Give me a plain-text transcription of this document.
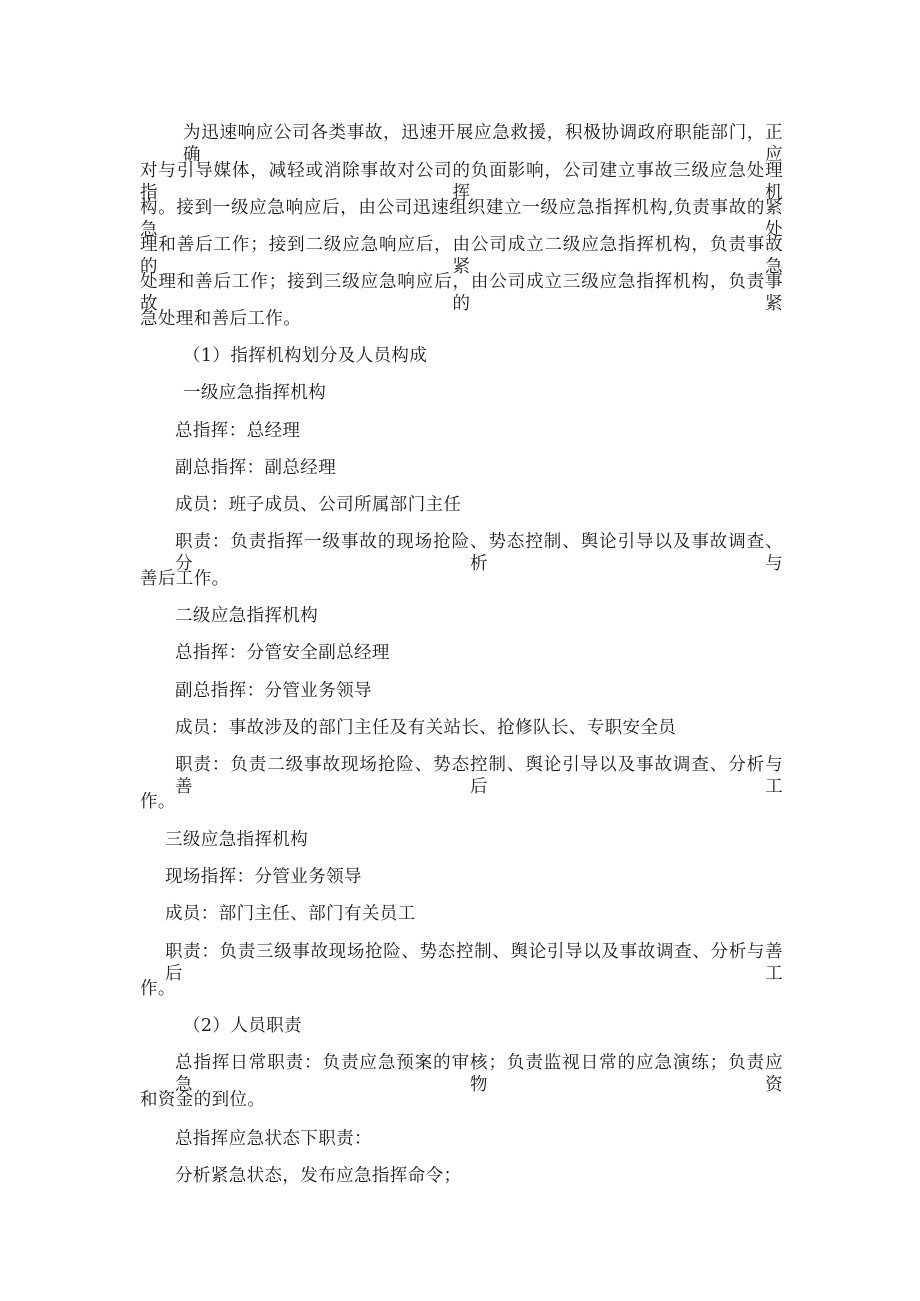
为迅速响应公司各类事故，迅速开展应急救援，积极协调政府职能部门，正确应
对与引导媒体，减轻或消除事故对公司的负面影响，公司建立事故三级应急处理指挥机
构。接到一级应急响应后，由公司迅速组织建立一级应急指挥机构,负责事故的紧急处
理和善后工作；接到二级应急响应后，由公司成立二级应急指挥机构，负责事故的紧急
处理和善后工作；接到三级应急响应后，由公司成立三级应急指挥机构，负责事故的紧
急处理和善后工作。
（1）指挥机构划分及人员构成
一级应急指挥机构
总指挥：总经理
副总指挥：副总经理
成员：班子成员、公司所属部门主任
职责：负责指挥一级事故的现场抢险、势态控制、舆论引导以及事故调查、分析与
善后工作。
二级应急指挥机构
总指挥：分管安全副总经理
副总指挥：分管业务领导
成员：事故涉及的部门主任及有关站长、抢修队长、专职安全员
职责：负责二级事故现场抢险、势态控制、舆论引导以及事故调查、分析与善后工
作。
三级应急指挥机构
现场指挥：分管业务领导
成员：部门主任、部门有关员工
职责：负责三级事故现场抢险、势态控制、舆论引导以及事故调查、分析与善后工
作。
（2）人员职责
总指挥日常职责：负责应急预案的审核；负责监视日常的应急演练；负责应急物资
和资金的到位。
总指挥应急状态下职责：
分析紧急状态，发布应急指挥命令；
